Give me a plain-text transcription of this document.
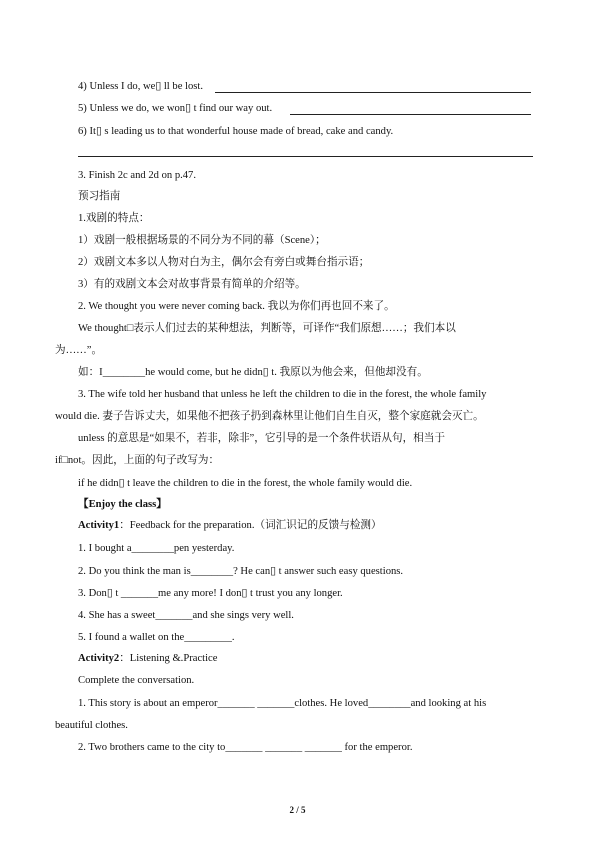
4) Unless I do, we▯ ll be lost.
5) Unless we do, we won▯ t find our way out.
6) It▯ s leading us to that wonderful house made of bread, cake and candy.
3. Finish 2c and 2d on p.47.
预习指南
1.戏剧的特点：
1）戏剧一般根据场景的不同分为不同的幕（Scene）；
2）戏剧文本多以人物对白为主，偶尔会有旁白或舞台指示语；
3）有的戏剧文本会对故事背景有简单的介绍等。
2. We thought you were never coming back. 我以为你们再也回不来了。
We thought□表示人们过去的某种想法，判断等，可译作“我们原想……；我们本以
为……”。
如：I________he would come, but he didn▯ t. 我原以为他会来，但他却没有。
3. The wife told her husband that unless he left the children to die in the forest, the whole family
would die. 妻子告诉丈夫，如果他不把孩子扔到森林里让他们自生自灭，整个家庭就会灭亡。
unless 的意思是“如果不，若非，除非”，它引导的是一个条件状语从句，相当于
if□not。因此，上面的句子改写为：
if he didn▯ t leave the children to die in the forest, the whole family would die.
【Enjoy the class】
Activity1：Feedback for the preparation.（词汇识记的反馈与检测）
1. I bought a________pen yesterday.
2. Do you think the man is________? He can▯ t answer such easy questions.
3. Don▯ t _______me any more! I don▯ t trust you any longer.
4. She has a sweet_______and she sings very well.
5. I found a wallet on the_________.
Activity2：Listening &.Practice
Complete the conversation.
1. This story is about an emperor_______ _______clothes. He loved________and looking at his
beautiful clothes.
2. Two brothers came to the city to_______ _______ _______ for the emperor.
2 / 5
